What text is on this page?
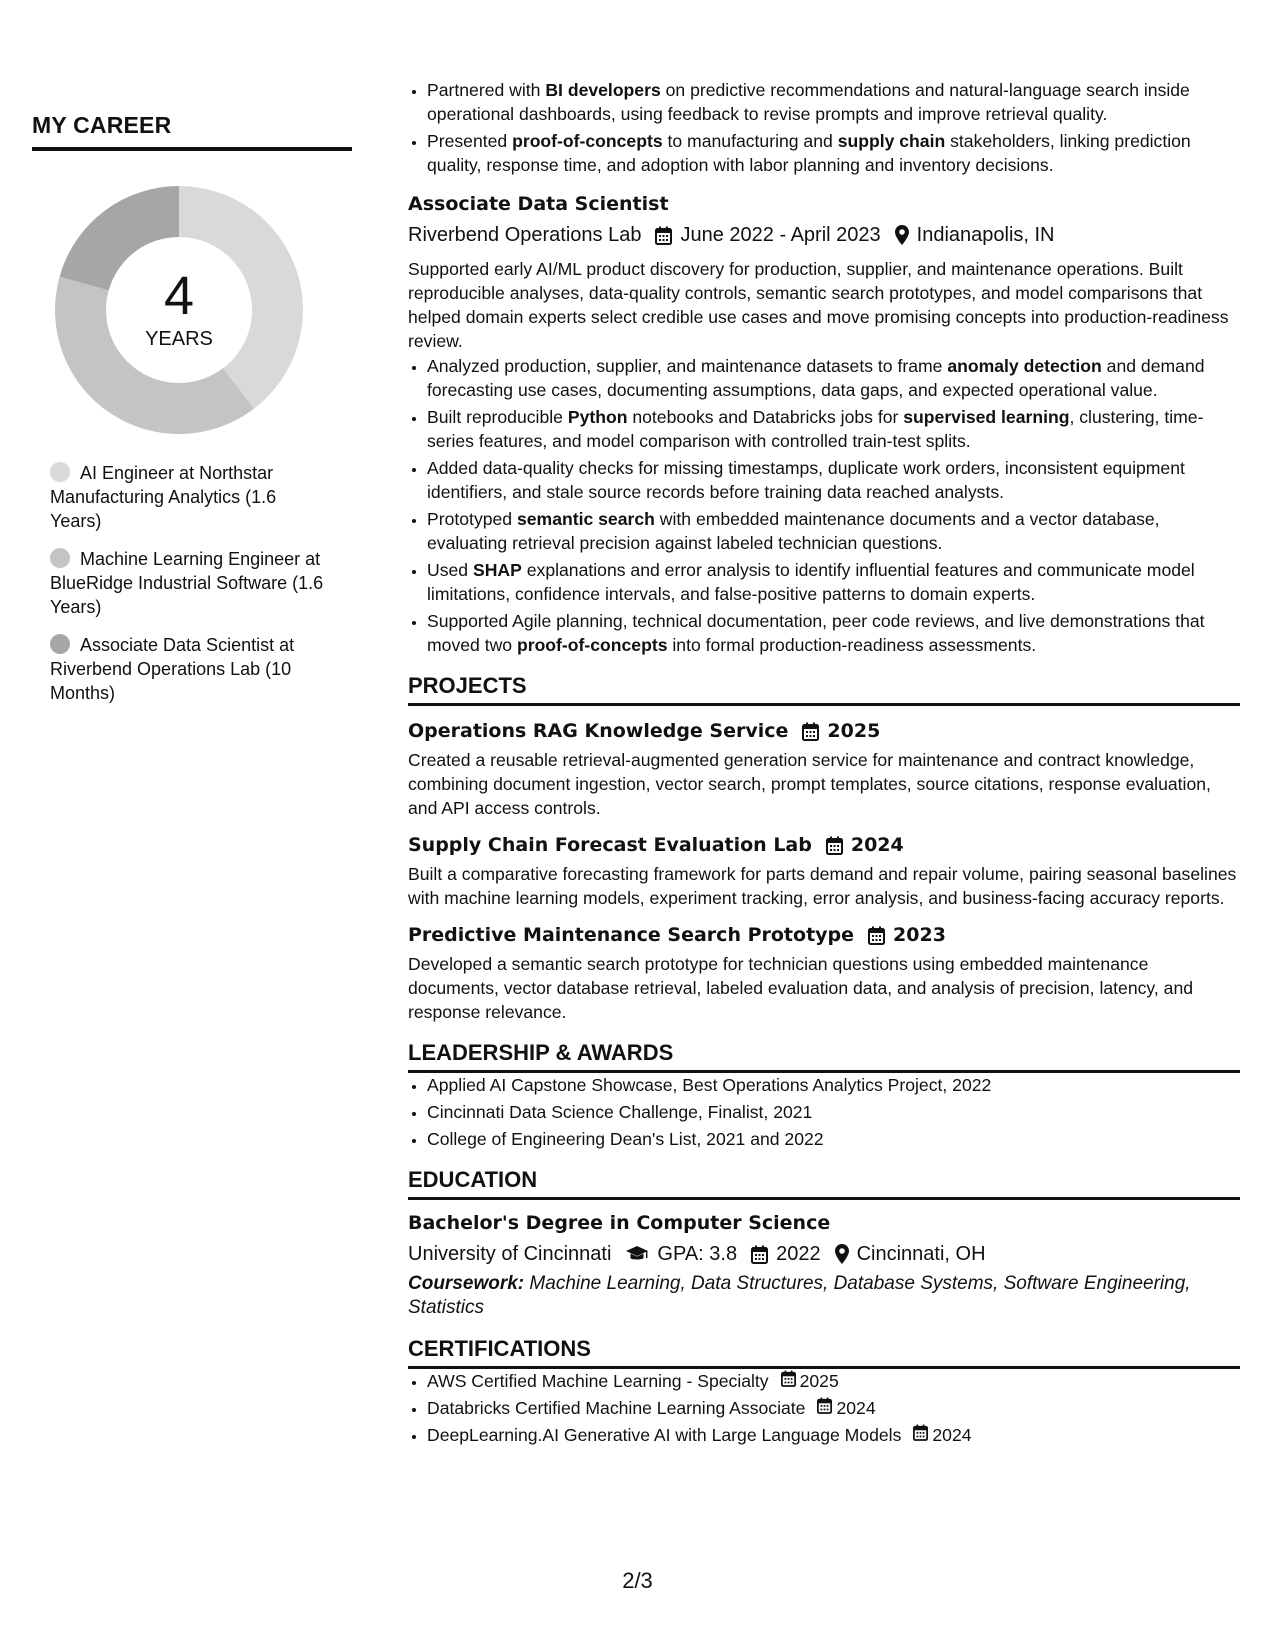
MY CAREER
4
YEARS
AI Engineer at Northstar Manufacturing Analytics (1.6 Years)
Machine Learning Engineer at BlueRidge Industrial Software (1.6 Years)
Associate Data Scientist at Riverbend Operations Lab (10 Months)
• Partnered with BI developers on predictive recommendations and natural-language search inside operational dashboards, using feedback to revise prompts and improve retrieval quality.
• Presented proof-of-concepts to manufacturing and supply chain stakeholders, linking prediction quality, response time, and adoption with labor planning and inventory decisions.
Associate Data Scientist
Riverbend Operations Lab June 2022 - April 2023 Indianapolis, IN
Supported early AI/ML product discovery for production, supplier, and maintenance operations. Built reproducible analyses, data-quality controls, semantic search prototypes, and model comparisons that helped domain experts select credible use cases and move promising concepts into production-readiness review.
• Analyzed production, supplier, and maintenance datasets to frame anomaly detection and demand forecasting use cases, documenting assumptions, data gaps, and expected operational value.
• Built reproducible Python notebooks and Databricks jobs for supervised learning, clustering, time-series features, and model comparison with controlled train-test splits.
• Added data-quality checks for missing timestamps, duplicate work orders, inconsistent equipment identifiers, and stale source records before training data reached analysts.
• Prototyped semantic search with embedded maintenance documents and a vector database, evaluating retrieval precision against labeled technician questions.
• Used SHAP explanations and error analysis to identify influential features and communicate model limitations, confidence intervals, and false-positive patterns to domain experts.
• Supported Agile planning, technical documentation, peer code reviews, and live demonstrations that moved two proof-of-concepts into formal production-readiness assessments.
PROJECTS
Operations RAG Knowledge Service 2025
Created a reusable retrieval-augmented generation service for maintenance and contract knowledge, combining document ingestion, vector search, prompt templates, source citations, response evaluation, and API access controls.
Supply Chain Forecast Evaluation Lab 2024
Built a comparative forecasting framework for parts demand and repair volume, pairing seasonal baselines with machine learning models, experiment tracking, error analysis, and business-facing accuracy reports.
Predictive Maintenance Search Prototype 2023
Developed a semantic search prototype for technician questions using embedded maintenance documents, vector database retrieval, labeled evaluation data, and analysis of precision, latency, and response relevance.
LEADERSHIP & AWARDS
• Applied AI Capstone Showcase, Best Operations Analytics Project, 2022
• Cincinnati Data Science Challenge, Finalist, 2021
• College of Engineering Dean's List, 2021 and 2022
EDUCATION
Bachelor's Degree in Computer Science
University of Cincinnati GPA: 3.8 2022 Cincinnati, OH
Coursework: Machine Learning, Data Structures, Database Systems, Software Engineering, Statistics
CERTIFICATIONS
• AWS Certified Machine Learning - Specialty 2025
• Databricks Certified Machine Learning Associate 2024
• DeepLearning.AI Generative AI with Large Language Models 2024
2/3
